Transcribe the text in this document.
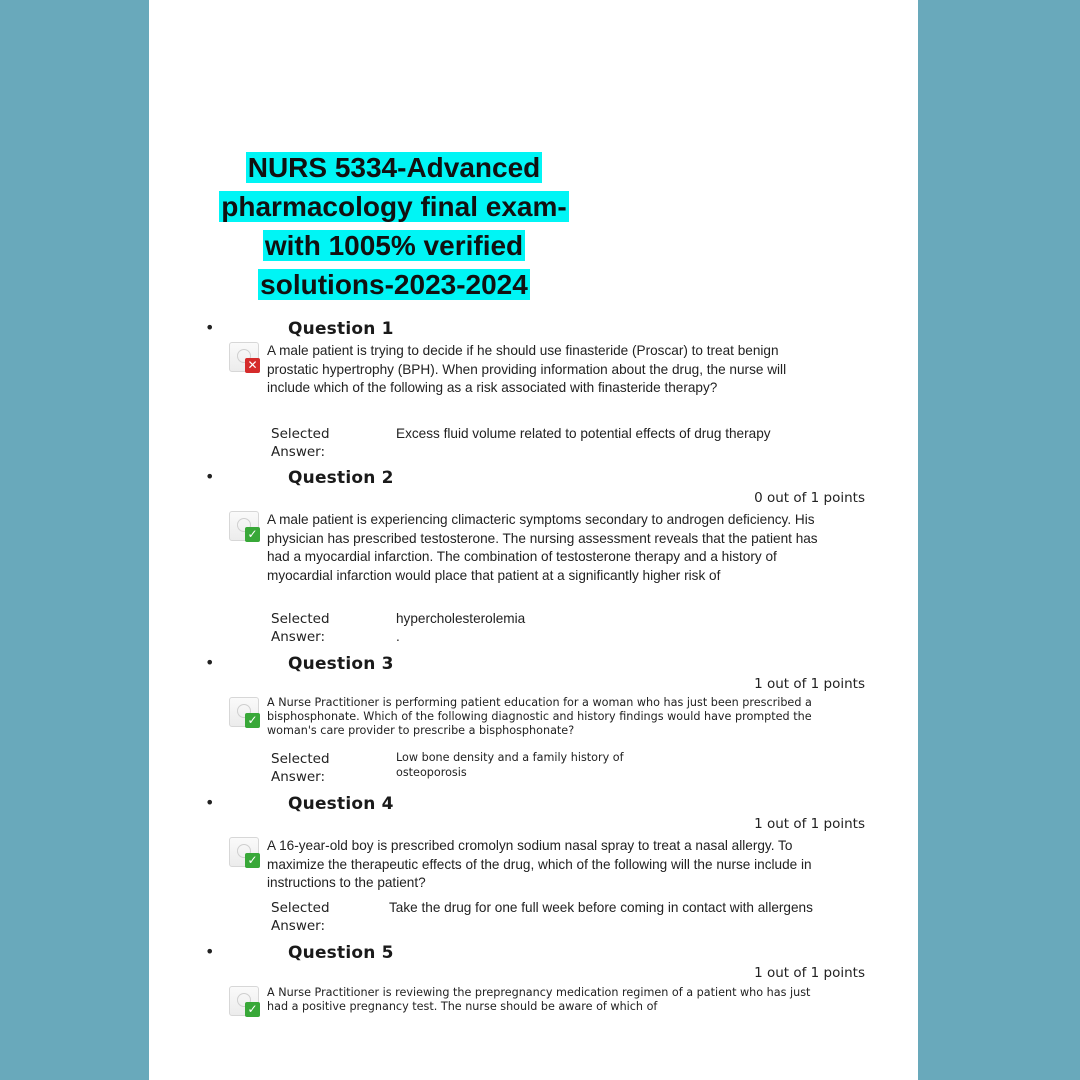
NURS 5334-Advanced
pharmacology final exam-
with 1005% verified
solutions-2023-2024
•	Question 1
✕
A male patient is trying to decide if he should use finasteride (Proscar) to treat benign prostatic hypertrophy (BPH). When providing information about the drug, the nurse will include which of the following as a risk associated with finasteride therapy?
Selected
Answer:
Excess fluid volume related to potential effects of drug therapy
•	Question 2
0 out of 1 points
✓
A male patient is experiencing climacteric symptoms secondary to androgen deficiency. His physician has prescribed testosterone. The nursing assessment reveals that the patient has had a myocardial infarction. The combination of testosterone therapy and a history of myocardial infarction would place that patient at a significantly higher risk of
Selected
Answer:
hypercholesterolemia
.
•	Question 3
1 out of 1 points
✓
A Nurse Practitioner is performing patient education for a woman who has just been prescribed a bisphosphonate. Which of the following diagnostic and history findings would have prompted the woman's care provider to prescribe a bisphosphonate?
Selected
Answer:
Low bone density and a family history of osteoporosis
•	Question 4
1 out of 1 points
✓
A 16-year-old boy is prescribed cromolyn sodium nasal spray to treat a nasal allergy. To maximize the therapeutic effects of the drug, which of the following will the nurse include in instructions to the patient?
Selected
Answer:
Take the drug for one full week before coming in contact with allergens
•	Question 5
1 out of 1 points
✓
A Nurse Practitioner is reviewing the prepregnancy medication regimen of a patient who has just had a positive pregnancy test. The nurse should be aware of which of
